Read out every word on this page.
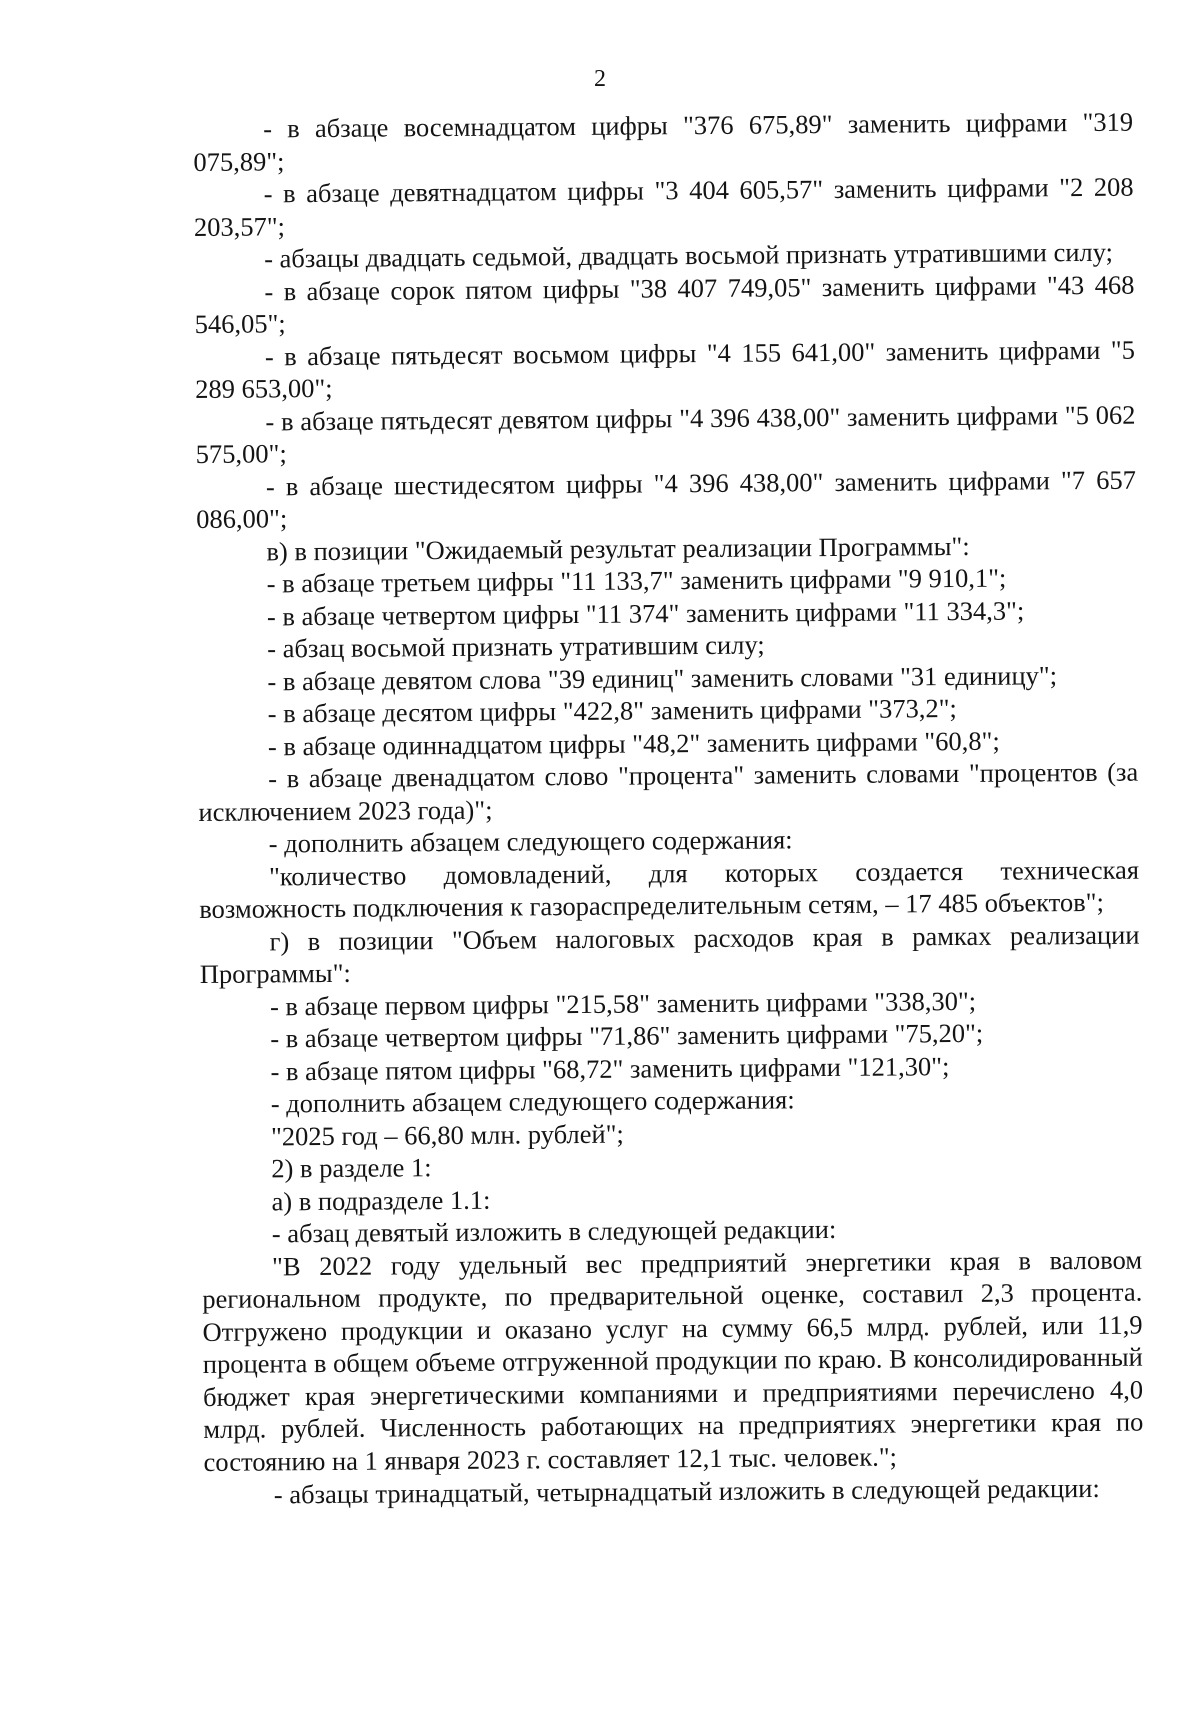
2

- в абзаце восемнадцатом цифры "376 675,89" заменить цифрами "319 075,89";

- в абзаце девятнадцатом цифры "3 404 605,57" заменить цифрами "2 208 203,57";

- абзацы двадцать седьмой, двадцать восьмой признать утратившими силу;

- в абзаце сорок пятом цифры "38 407 749,05" заменить цифрами "43 468 546,05";

- в абзаце пятьдесят восьмом цифры "4 155 641,00" заменить цифрами "5 289 653,00";

- в абзаце пятьдесят девятом цифры "4 396 438,00" заменить цифрами "5 062 575,00";

- в абзаце шестидесятом цифры "4 396 438,00" заменить цифрами "7 657 086,00";

в) в позиции "Ожидаемый результат реализации Программы":

- в абзаце третьем цифры "11 133,7" заменить цифрами "9 910,1";

- в абзаце четвертом цифры "11 374" заменить цифрами "11 334,3";

- абзац восьмой признать утратившим силу;

- в абзаце девятом слова "39 единиц" заменить словами "31 единицу";

- в абзаце десятом цифры "422,8" заменить цифрами "373,2";

- в абзаце одиннадцатом цифры "48,2" заменить цифрами "60,8";

- в абзаце двенадцатом слово "процента" заменить словами "процентов (за исключением 2023 года)";

- дополнить абзацем следующего содержания:

"количество домовладений, для которых создается техническая возможность подключения к газораспределительным сетям, – 17 485 объектов";

г) в позиции "Объем налоговых расходов края в рамках реализации Программы":

- в абзаце первом цифры "215,58" заменить цифрами "338,30";

- в абзаце четвертом цифры "71,86" заменить цифрами "75,20";

- в абзаце пятом цифры "68,72" заменить цифрами "121,30";

- дополнить абзацем следующего содержания:

"2025 год – 66,80 млн. рублей";

2) в разделе 1:

а) в подразделе 1.1:

- абзац девятый изложить в следующей редакции:

"В 2022 году удельный вес предприятий энергетики края в валовом региональном продукте, по предварительной оценке, составил 2,3 процента. Отгружено продукции и оказано услуг на сумму 66,5 млрд. рублей, или 11,9 процента в общем объеме отгруженной продукции по краю. В консолидированный бюджет края энергетическими компаниями и предприятиями перечислено 4,0 млрд. рублей. Численность работающих на предприятиях энергетики края по состоянию на 1 января 2023 г. составляет 12,1 тыс. человек.";

- абзацы тринадцатый, четырнадцатый изложить в следующей редакции:
